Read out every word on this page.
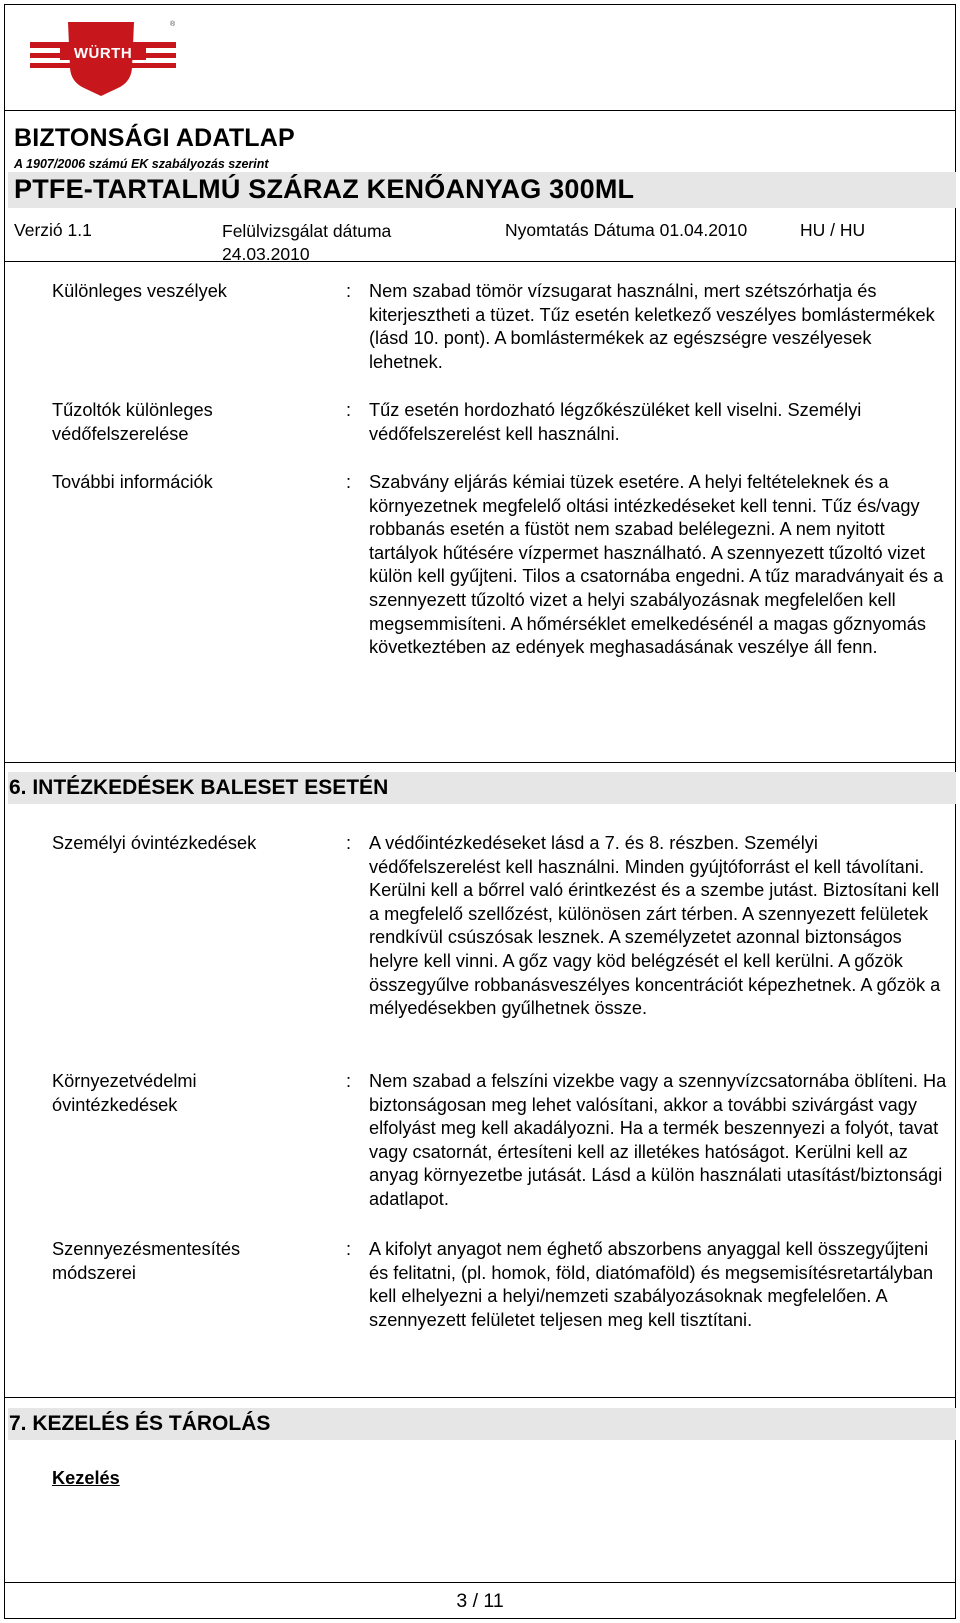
WÜRTH
®
BIZTONSÁGI ADATLAP
A 1907/2006 számú EK szabályozás szerint
PTFE-TARTALMÚ SZÁRAZ KENŐANYAG 300ML
Verzió 1.1	Felülvizsgálat dátuma
24.03.2010
Nyomtatás Dátuma 01.04.2010	HU / HU
Különleges veszélyek	: Nem szabad tömör vízsugarat használni, mert szétszórhatja és kiterjesztheti a tüzet. Tűz esetén keletkező veszélyes bomlástermékek (lásd 10. pont). A bomlástermékek az egészségre veszélyesek lehetnek.
Tűzoltók különleges védőfelszerelése
: Tűz esetén hordozható légzőkészüléket kell viselni. Személyi védőfelszerelést kell használni.
További információk	: Szabvány eljárás kémiai tüzek esetére. A helyi feltételeknek és a környezetnek megfelelő oltási intézkedéseket kell tenni. Tűz és/vagy robbanás esetén a füstöt nem szabad belélegezni. A nem nyitott tartályok hűtésére vízpermet használható. A szennyezett tűzoltó vizet külön kell gyűjteni. Tilos a csatornába engedni. A tűz maradványait és a szennyezett tűzoltó vizet a helyi szabályozásnak megfelelően kell megsemmisíteni. A hőmérséklet emelkedésénél a magas gőznyomás következtében az edények meghasadásának veszélye áll fenn.
6. INTÉZKEDÉSEK BALESET ESETÉN
Személyi óvintézkedések	: A védőintézkedéseket lásd a 7. és 8. részben. Személyi védőfelszerelést kell használni. Minden gyújtóforrást el kell távolítani. Kerülni kell a bőrrel való érintkezést és a szembe jutást. Biztosítani kell a megfelelő szellőzést, különösen zárt térben. A szennyezett felületek rendkívül csúszósak lesznek. A személyzetet azonnal biztonságos helyre kell vinni. A gőz vagy köd belégzését el kell kerülni. A gőzök összegyűlve robbanásveszélyes koncentrációt képezhetnek. A gőzök a mélyedésekben gyűlhetnek össze.
Környezetvédelmi óvintézkedések
: Nem szabad a felszíni vizekbe vagy a szennyvízcsatornába öblíteni. Ha biztonságosan meg lehet valósítani, akkor a további szivárgást vagy elfolyást meg kell akadályozni. Ha a termék beszennyezi a folyót, tavat vagy csatornát, értesíteni kell az illetékes hatóságot. Kerülni kell az anyag környezetbe jutását. Lásd a külön használati utasítást/biztonsági adatlapot.
Szennyezésmentesítés módszerei
: A kifolyt anyagot nem éghető abszorbens anyaggal kell összegyűjteni és felitatni, (pl. homok, föld, diatómaföld) és megsemisítésretartályban kell elhelyezni a helyi/nemzeti szabályozásoknak megfelelően. A szennyezett felületet teljesen meg kell tisztítani.
7. KEZELÉS ÉS TÁROLÁS
Kezelés
3 / 11
